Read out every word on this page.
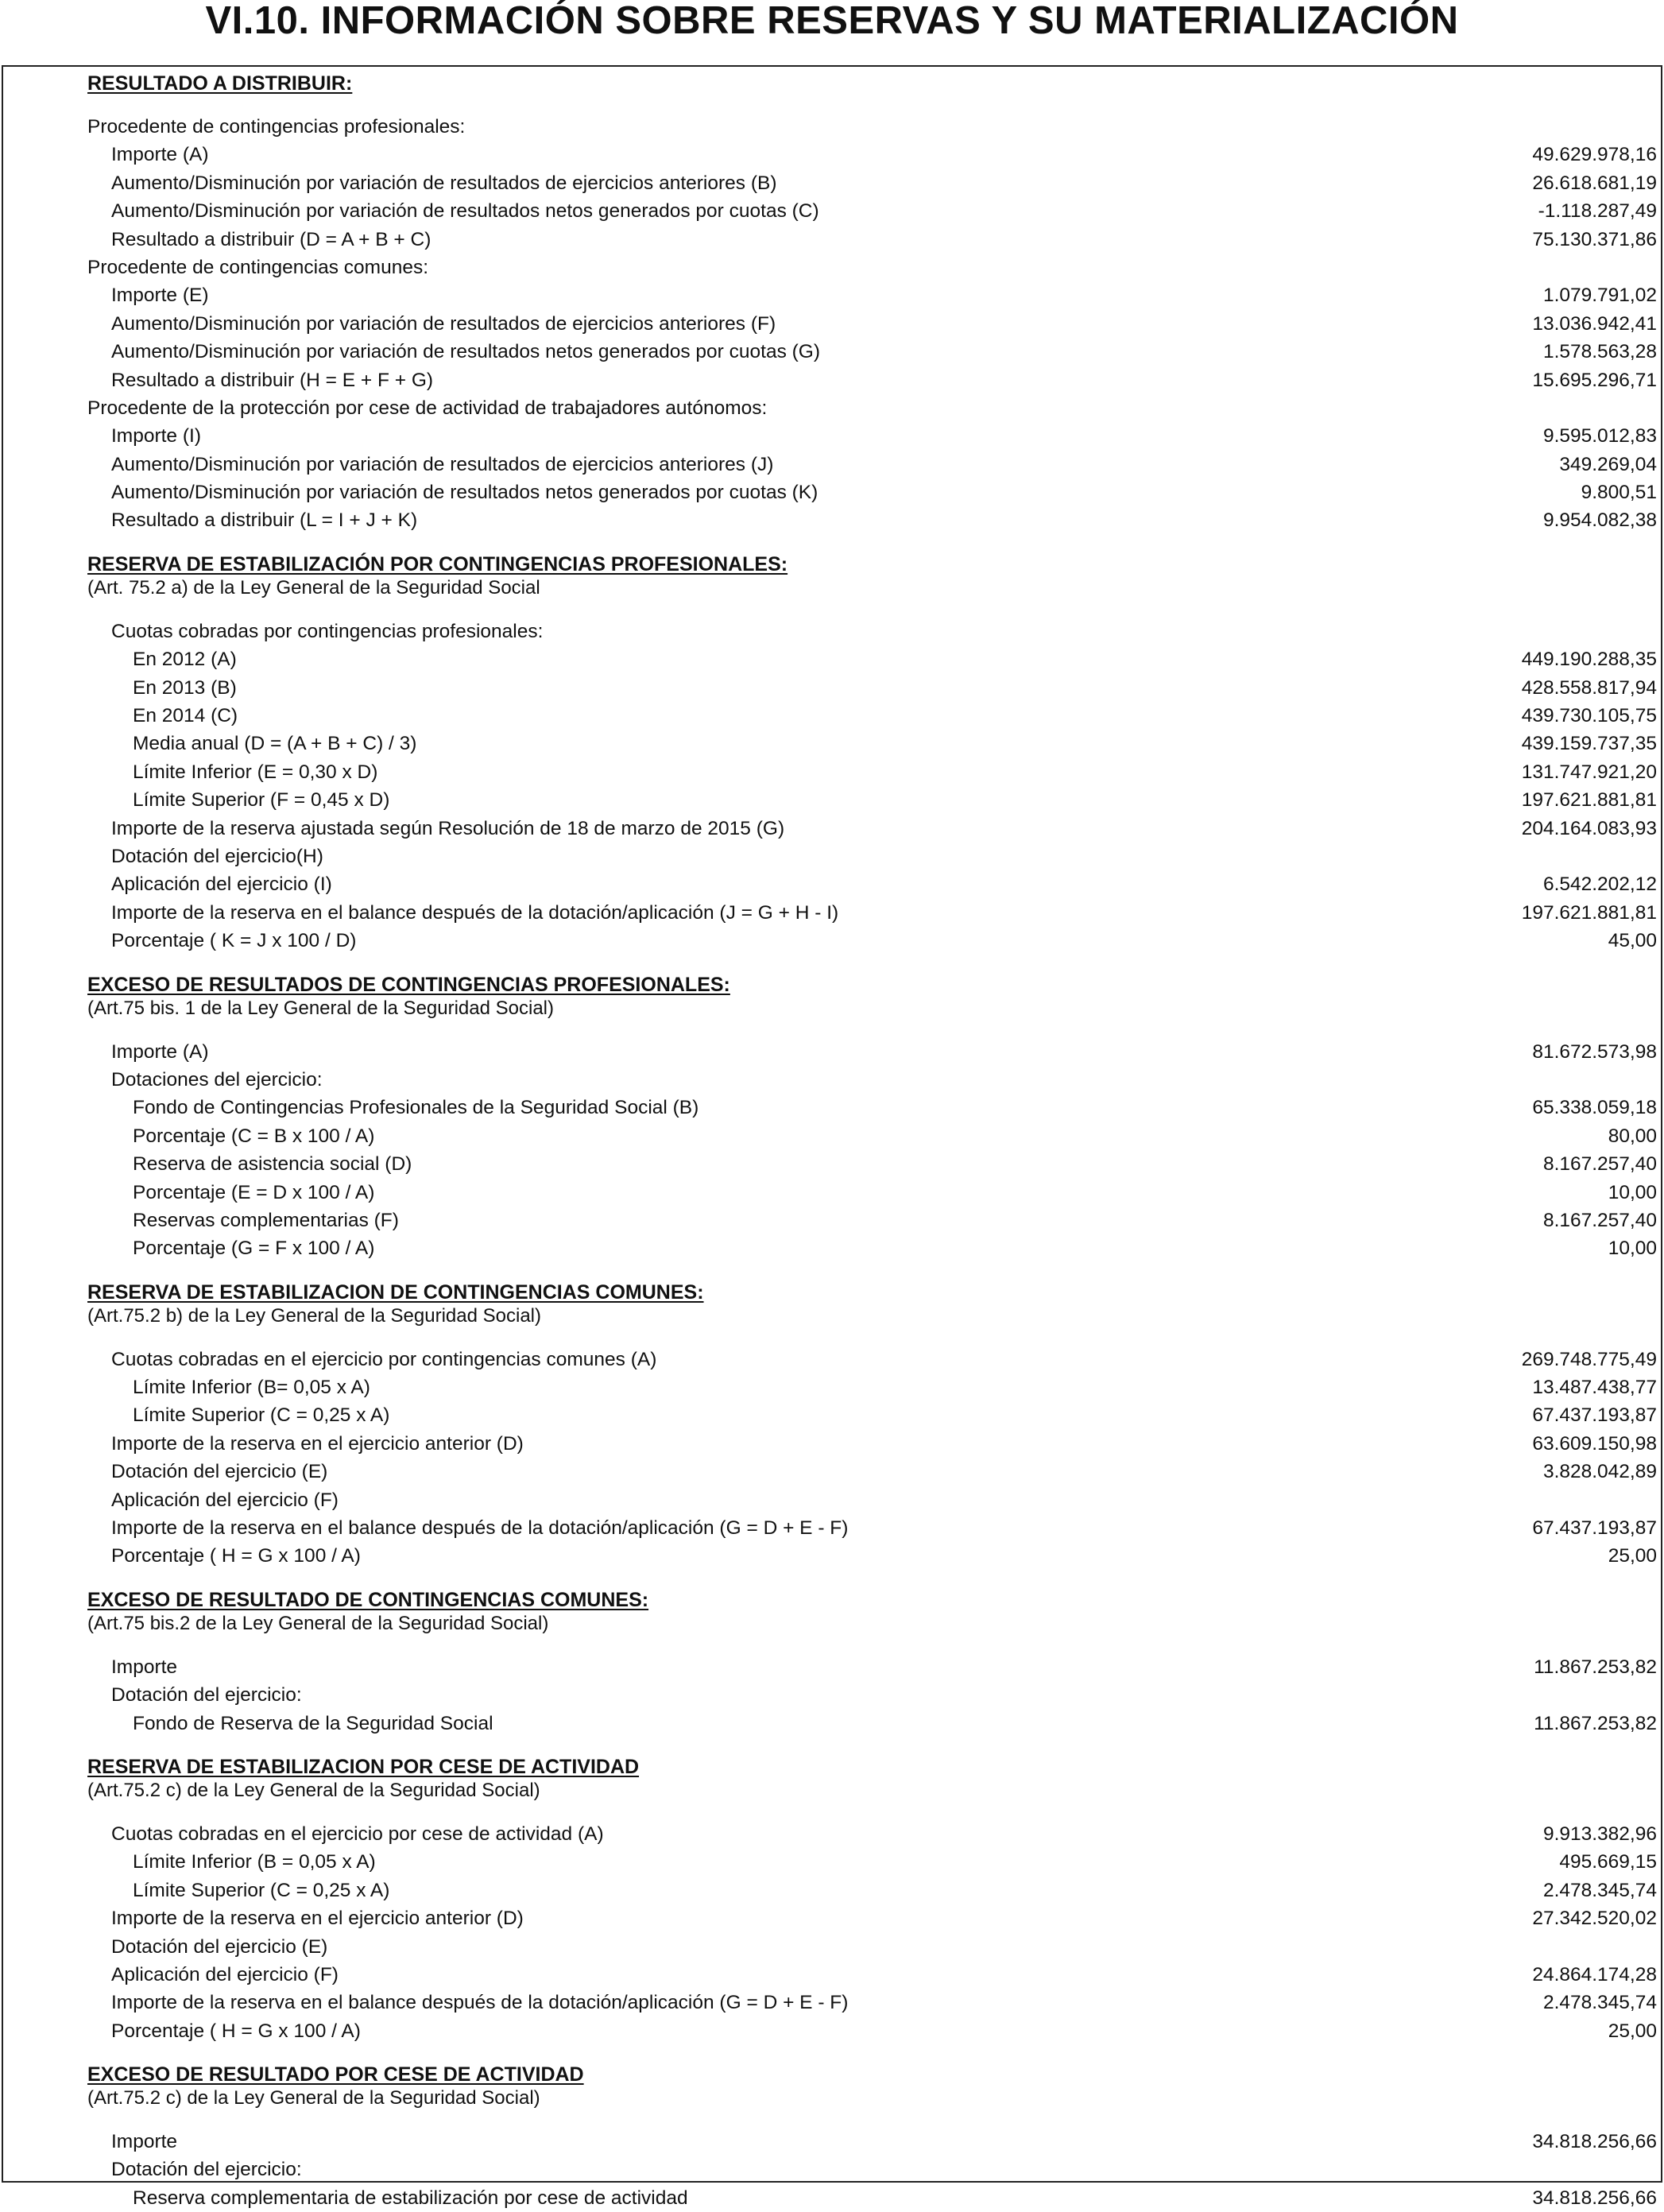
VI.10. INFORMACIÓN SOBRE RESERVAS Y SU MATERIALIZACIÓN
RESULTADO A DISTRIBUIR:
Procedente de contingencias profesionales:
Importe (A)	49.629.978,16
Aumento/Disminución por variación de resultados de ejercicios anteriores (B)	26.618.681,19
Aumento/Disminución por variación de resultados netos generados por cuotas (C)	-1.118.287,49
Resultado a distribuir (D = A + B + C)	75.130.371,86
Procedente de contingencias comunes:
Importe (E)	1.079.791,02
Aumento/Disminución por variación de resultados de ejercicios anteriores (F)	13.036.942,41
Aumento/Disminución por variación de resultados netos generados por cuotas (G)	1.578.563,28
Resultado a distribuir (H = E + F + G)	15.695.296,71
Procedente de la protección por cese de actividad de trabajadores autónomos:
Importe (I)	9.595.012,83
Aumento/Disminución por variación de resultados de ejercicios anteriores (J)	349.269,04
Aumento/Disminución por variación de resultados netos generados por cuotas (K)	9.800,51
Resultado a distribuir (L = I + J + K)	9.954.082,38
RESERVA DE ESTABILIZACIÓN POR CONTINGENCIAS PROFESIONALES:
(Art. 75.2 a) de la Ley General de la Seguridad Social
Cuotas cobradas por contingencias profesionales:
En 2012 (A)	449.190.288,35
En 2013 (B)	428.558.817,94
En 2014 (C)	439.730.105,75
Media anual (D = (A + B + C) / 3)	439.159.737,35
Límite Inferior (E = 0,30 x D)	131.747.921,20
Límite Superior (F = 0,45 x D)	197.621.881,81
Importe de la reserva ajustada según Resolución de 18 de marzo de 2015 (G)	204.164.083,93
Dotación del ejercicio(H)
Aplicación del ejercicio (I)	6.542.202,12
Importe de la reserva en el balance después de la dotación/aplicación (J = G + H - I)	197.621.881,81
Porcentaje ( K = J x 100 / D)	45,00
EXCESO DE RESULTADOS DE CONTINGENCIAS PROFESIONALES:
(Art.75 bis. 1 de la Ley General de la Seguridad Social)
Importe (A)	81.672.573,98
Dotaciones del ejercicio:
Fondo de Contingencias Profesionales de la Seguridad Social (B)	65.338.059,18
Porcentaje (C = B x 100 / A)	80,00
Reserva de asistencia social (D)	8.167.257,40
Porcentaje (E = D x 100 / A)	10,00
Reservas complementarias (F)	8.167.257,40
Porcentaje (G = F x 100 / A)	10,00
RESERVA DE ESTABILIZACION DE CONTINGENCIAS COMUNES:
(Art.75.2 b) de la Ley General de la Seguridad Social)
Cuotas cobradas en el ejercicio por contingencias comunes (A)	269.748.775,49
Límite Inferior (B= 0,05 x A)	13.487.438,77
Límite Superior (C = 0,25 x A)	67.437.193,87
Importe de la reserva en el ejercicio anterior (D)	63.609.150,98
Dotación del ejercicio (E)	3.828.042,89
Aplicación del ejercicio (F)
Importe de la reserva en el balance después de la dotación/aplicación (G = D + E - F)	67.437.193,87
Porcentaje ( H = G x 100 / A)	25,00
EXCESO DE RESULTADO DE CONTINGENCIAS COMUNES:
(Art.75 bis.2 de la Ley General de la Seguridad Social)
Importe	11.867.253,82
Dotación del ejercicio:
Fondo de Reserva de la Seguridad Social	11.867.253,82
RESERVA DE ESTABILIZACION POR CESE DE ACTIVIDAD
(Art.75.2 c) de la Ley General de la Seguridad Social)
Cuotas cobradas en el ejercicio por cese de actividad (A)	9.913.382,96
Límite Inferior (B = 0,05 x A)	495.669,15
Límite Superior (C = 0,25 x A)	2.478.345,74
Importe de la reserva en el ejercicio anterior (D)	27.342.520,02
Dotación del ejercicio (E)
Aplicación del ejercicio (F)	24.864.174,28
Importe de la reserva en el balance después de la dotación/aplicación (G = D + E - F)	2.478.345,74
Porcentaje ( H = G x 100 / A)	25,00
EXCESO DE RESULTADO POR CESE DE ACTIVIDAD
(Art.75.2 c) de la Ley General de la Seguridad Social)
Importe	34.818.256,66
Dotación del ejercicio:
Reserva complementaria de estabilización por cese de actividad	34.818.256,66
